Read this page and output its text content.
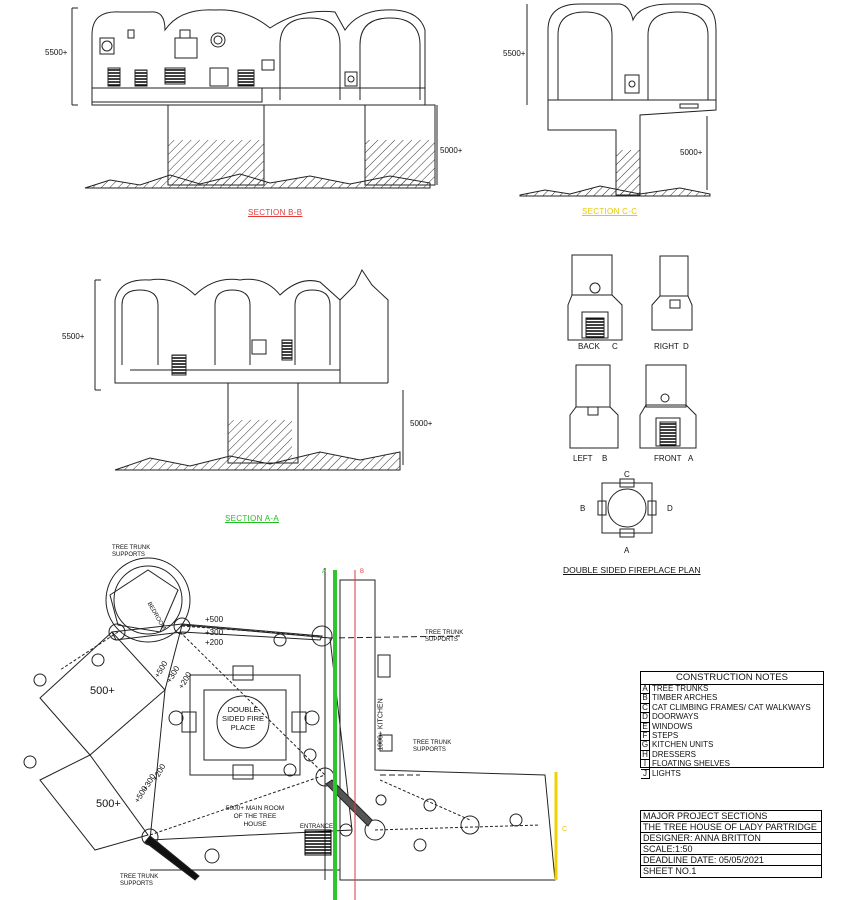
5500+
5000+
SECTION B-B
5500+
5000+
SECTION C-C
5500+
5000+
SECTION A-A
BACK C	RIGHT D
LEFT B	FRONT A
C
B	D
A
DOUBLE SIDED FIREPLACE PLAN
TREE TRUNK SUPPORTS
TREE TRUNK SUPPORTS
TREE TRUNK SUPPORTS
TREE TRUNK SUPPORTS
BEDROOM
500+
500+
DOUBLE SIDED FIRE PLACE
5000+ MAIN ROOM OF THE TREE HOUSE	ENTRANCE
1000+ KITCHEN
+500
+300
+200
+500
+300
+200
+200
+300
+500
A	B
C
CONSTRUCTION NOTES
A TREE TRUNKS
B TIMBER ARCHES
C CAT CLIMBING FRAMES/ CAT WALKWAYS
D DOORWAYS
E WINDOWS
F STEPS
G KITCHEN UNITS
H DRESSERS
I FLOATING SHELVES
J LIGHTS
MAJOR PROJECT SECTIONS
THE TREE HOUSE OF LADY PARTRIDGE
DESIGNER: ANNA BRITTON
SCALE:1:50
DEADLINE DATE: 05/05/2021
SHEET NO.1
